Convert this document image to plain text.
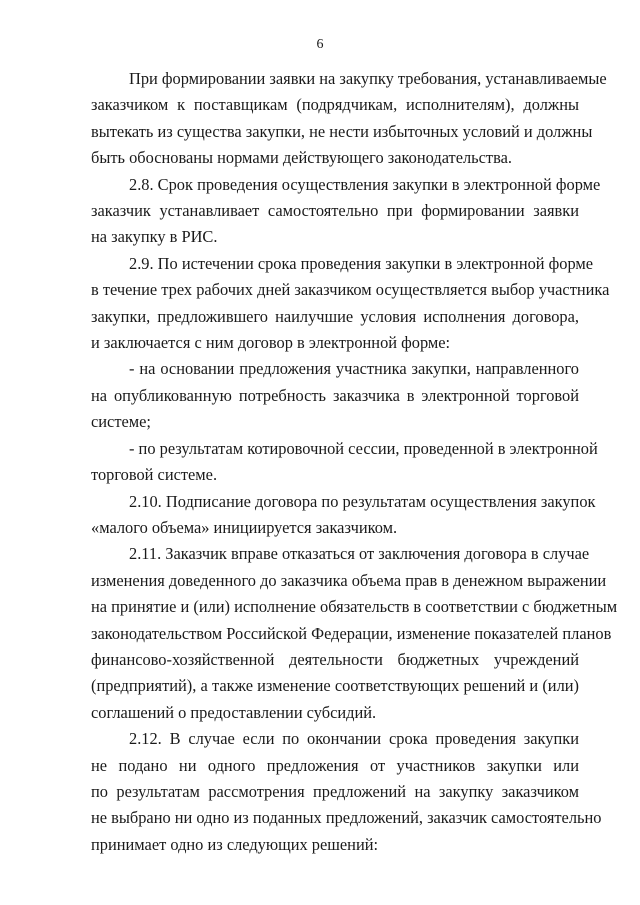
6

При формировании заявки на закупку требования, устанавливаемые
заказчиком к поставщикам (подрядчикам, исполнителям), должны
вытекать из существа закупки, не нести избыточных условий и должны
быть обоснованы нормами действующего законодательства.

2.8. Срок проведения осуществления закупки в электронной форме
заказчик устанавливает самостоятельно при формировании заявки
на закупку в РИС.

2.9. По истечении срока проведения закупки в электронной форме
в течение трех рабочих дней заказчиком осуществляется выбор участника
закупки, предложившего наилучшие условия исполнения договора,
и заключается с ним договор в электронной форме:

- на основании предложения участника закупки, направленного
на опубликованную потребность заказчика в электронной торговой
системе;

- по результатам котировочной сессии, проведенной в электронной
торговой системе.

2.10. Подписание договора по результатам осуществления закупок
«малого объема» инициируется заказчиком.

2.11. Заказчик вправе отказаться от заключения договора в случае
изменения доведенного до заказчика объема прав в денежном выражении
на принятие и (или) исполнение обязательств в соответствии с бюджетным
законодательством Российской Федерации, изменение показателей планов
финансово-хозяйственной деятельности бюджетных учреждений
(предприятий), а также изменение соответствующих решений и (или)
соглашений о предоставлении субсидий.

2.12. В случае если по окончании срока проведения закупки
не подано ни одного предложения от участников закупки или
по результатам рассмотрения предложений на закупку заказчиком
не выбрано ни одно из поданных предложений, заказчик самостоятельно
принимает одно из следующих решений:
